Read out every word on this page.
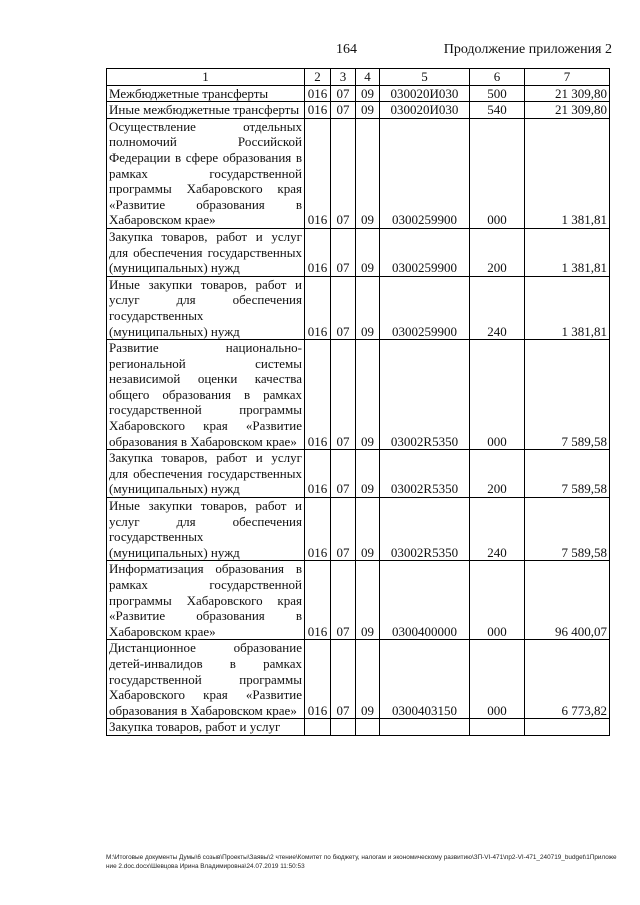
164	Продолжение приложения 2
1	2	3	4	5	6	7
Межбюджетные трансферты	016	07	09	030020И030	500	21 309,80
Иные межбюджетные трансферты	016	07	09	030020И030	540	21 309,80
Осуществление отдельных полномочий Российской Федерации в сфере образования в рамках государственной программы Хабаровского края «Развитие образования в Хабаровском крае»	016	07	09	0300259900	000	1 381,81
Закупка товаров, работ и услуг для обеспечения государственных (муниципальных) нужд	016	07	09	0300259900	200	1 381,81
Иные закупки товаров, работ и услуг для обеспечения государственных (муниципальных) нужд	016	07	09	0300259900	240	1 381,81
Развитие национально-региональной системы независимой оценки качества общего образования в рамках государственной программы Хабаровского края «Развитие образования в Хабаровском крае»	016	07	09	03002R5350	000	7 589,58
Закупка товаров, работ и услуг для обеспечения государственных (муниципальных) нужд	016	07	09	03002R5350	200	7 589,58
Иные закупки товаров, работ и услуг для обеспечения государственных (муниципальных) нужд	016	07	09	03002R5350	240	7 589,58
Информатизация образования в рамках государственной программы Хабаровского края «Развитие образования в Хабаровском крае»	016	07	09	0300400000	000	96 400,07
Дистанционное образование детей-инвалидов в рамках государственной программы Хабаровского края «Развитие образования в Хабаровском крае»	016	07	09	0300403150	000	6 773,82
Закупка товаров, работ и услуг						
М:\Итоговые документы Думы\6 созыв\Проекты\Заявы\2 чтение\Комитет по бюджету, налогам и экономическому развитию\ЗП-VI-471\пр2-VI-471_240719_budget\1Приложение 2.doc.docx\Шевцова Ирина Владимировна\24.07.2019 11:50:53
